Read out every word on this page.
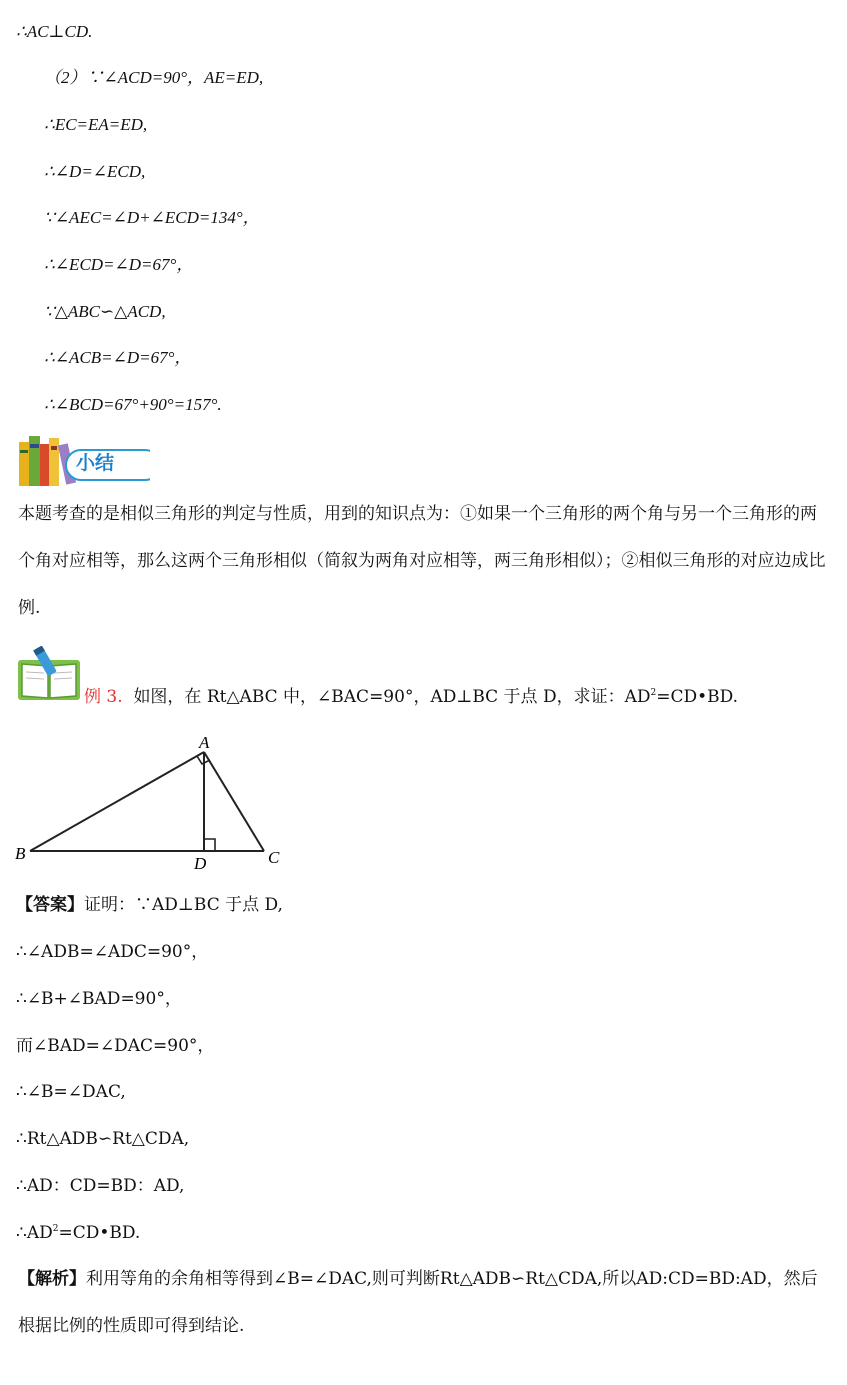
∴AC⊥CD.
（2）∵∠ACD=90°，AE=ED,
∴EC=EA=ED,
∴∠D=∠ECD,
∵∠AEC=∠D+∠ECD=134°，
∴∠ECD=∠D=67°，
∵△ABC∽△ACD,
∴∠ACB=∠D=67°，
∴∠BCD=67°+90°=157°.
小结
本题考查的是相似三角形的判定与性质，用到的知识点为：①如果一个三角形的两个角与另一个三角形的两个角对应相等，那么这两个三角形相似（简叙为两角对应相等，两三角形相似）；②相似三角形的对应边成比例.
例 3. 如图，在 Rt△ABC 中，∠BAC=90°，AD⊥BC 于点 D，求证：$AD^2=CD•BD$.
A
B	C
D
【答案】证明：∵AD⊥BC 于点 D,
∴∠ADB=∠ADC=90°，
∴∠B+∠BAD=90°，
而∠BAD=∠DAC=90°，
∴∠B=∠DAC,
∴Rt△ADB∽Rt△CDA,
∴AD：CD=BD：AD,
$\therefore AD^2=CD•BD$.
【解析】利用等角的余角相等得到∠B=∠DAC,则可判断Rt△ADB∽Rt△CDA,所以AD:CD=BD:AD，然后根据比例的性质即可得到结论.
